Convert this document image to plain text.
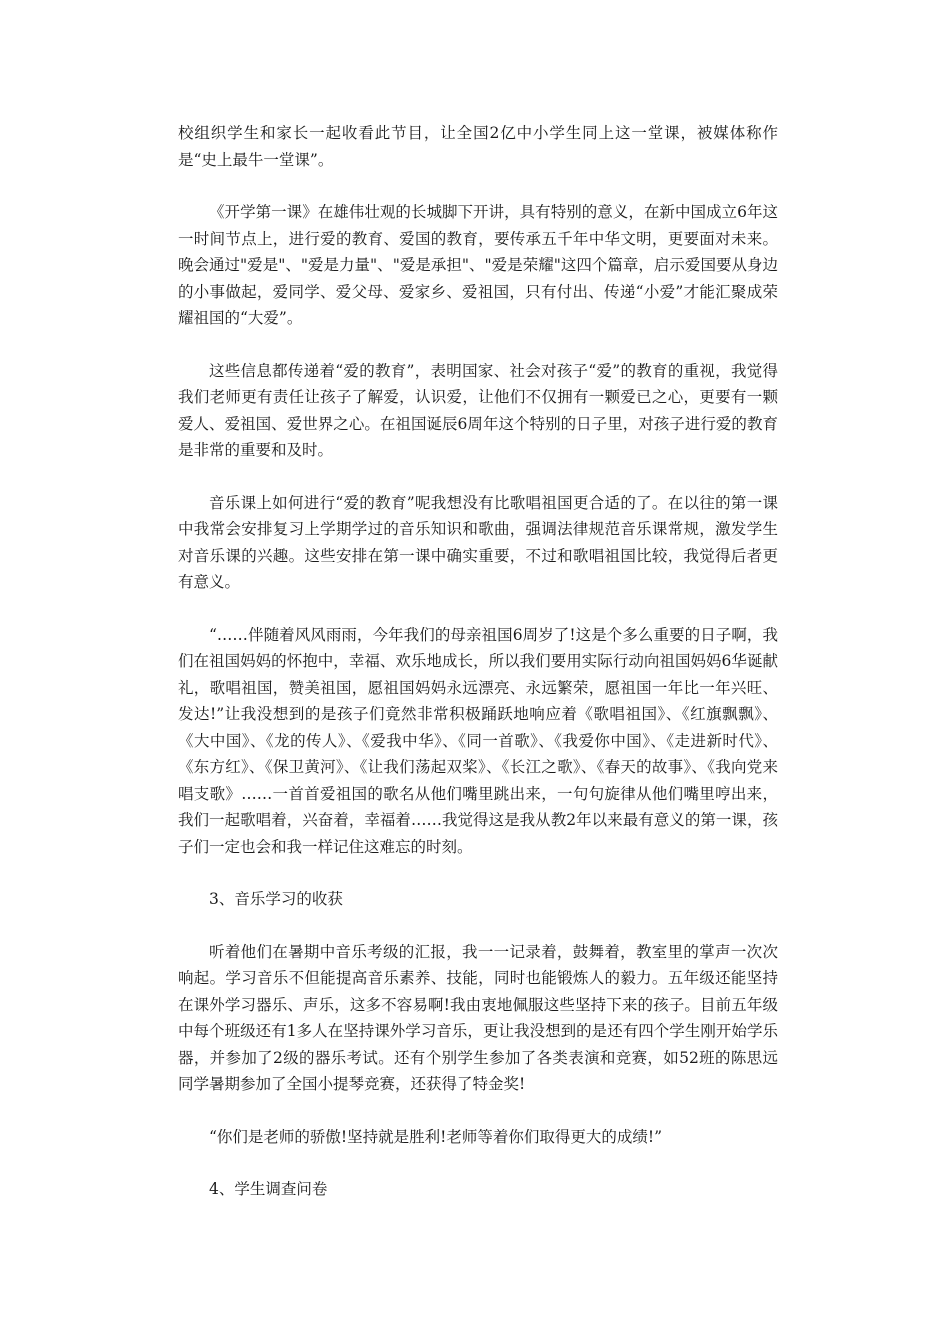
校组织学生和家长一起收看此节目，让全国2亿中小学生同上这一堂课，被媒体称作是“史上最牛一堂课”。

《开学第一课》在雄伟壮观的长城脚下开讲，具有特别的意义，在新中国成立6年这一时间节点上，进行爱的教育、爱国的教育，要传承五千年中华文明，更要面对未来。晚会通过"爱是"、"爱是力量"、"爱是承担"、"爱是荣耀"这四个篇章，启示爱国要从身边的小事做起，爱同学、爱父母、爱家乡、爱祖国，只有付出、传递“小爱”才能汇聚成荣耀祖国的“大爱”。

这些信息都传递着“爱的教育”，表明国家、社会对孩子“爱”的教育的重视，我觉得我们老师更有责任让孩子了解爱，认识爱，让他们不仅拥有一颗爱已之心，更要有一颗爱人、爱祖国、爱世界之心。在祖国诞辰6周年这个特别的日子里，对孩子进行爱的教育是非常的重要和及时。

音乐课上如何进行“爱的教育”呢我想没有比歌唱祖国更合适的了。在以往的第一课中我常会安排复习上学期学过的音乐知识和歌曲，强调法律规范音乐课常规，激发学生对音乐课的兴趣。这些安排在第一课中确实重要，不过和歌唱祖国比较，我觉得后者更有意义。

“……伴随着风风雨雨，今年我们的母亲祖国6周岁了!这是个多么重要的日子啊，我们在祖国妈妈的怀抱中，幸福、欢乐地成长，所以我们要用实际行动向祖国妈妈6华诞献礼，歌唱祖国，赞美祖国，愿祖国妈妈永远漂亮、永远繁荣，愿祖国一年比一年兴旺、发达!”让我没想到的是孩子们竟然非常积极踊跃地响应着《歌唱祖国》、《红旗飘飘》、《大中国》、《龙的传人》、《爱我中华》、《同一首歌》、《我爱你中国》、《走进新时代》、《东方红》、《保卫黄河》、《让我们荡起双桨》、《长江之歌》、《春天的故事》、《我向党来唱支歌》……一首首爱祖国的歌名从他们嘴里跳出来，一句句旋律从他们嘴里哼出来，我们一起歌唱着，兴奋着，幸福着……我觉得这是我从教2年以来最有意义的第一课，孩子们一定也会和我一样记住这难忘的时刻。

3、音乐学习的收获

听着他们在暑期中音乐考级的汇报，我一一记录着，鼓舞着，教室里的掌声一次次响起。学习音乐不但能提高音乐素养、技能，同时也能锻炼人的毅力。五年级还能坚持在课外学习器乐、声乐，这多不容易啊!我由衷地佩服这些坚持下来的孩子。目前五年级中每个班级还有1多人在坚持课外学习音乐，更让我没想到的是还有四个学生刚开始学乐器，并参加了2级的器乐考试。还有个别学生参加了各类表演和竞赛，如52班的陈思远同学暑期参加了全国小提琴竞赛，还获得了特金奖!

“你们是老师的骄傲!坚持就是胜利!老师等着你们取得更大的成绩!”

4、学生调查问卷
